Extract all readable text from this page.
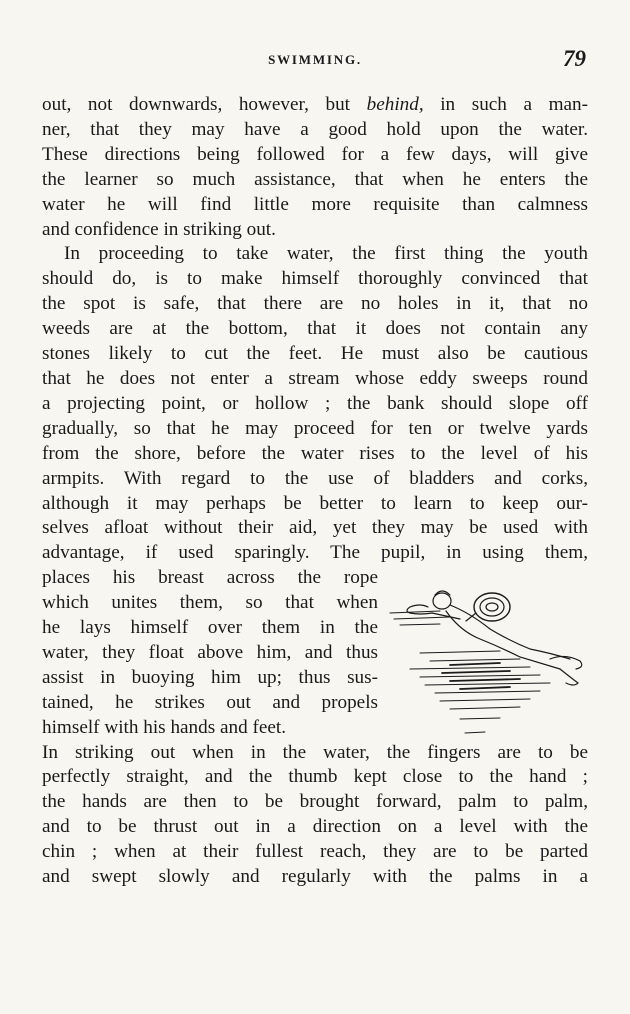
SWIMMING.	79
out, not downwards, however, but behind, in such a man-
ner, that they may have a good hold upon the water.
These directions being followed for a few days, will give
the learner so much assistance, that when he enters the
water he will find little more requisite than calmness
and confidence in striking out.
In proceeding to take water, the first thing the youth
should do, is to make himself thoroughly convinced that
the spot is safe, that there are no holes in it, that no
weeds are at the bottom, that it does not contain any
stones likely to cut the feet. He must also be cautious
that he does not enter a stream whose eddy sweeps round
a projecting point, or hollow ; the bank should slope off
gradually, so that he may proceed for ten or twelve yards
from the shore, before the water rises to the level of his
armpits. With regard to the use of bladders and corks,
although it may perhaps be better to learn to keep our-
selves afloat without their aid, yet they may be used with
advantage, if used sparingly. The pupil, in using them,
places his breast across the rope
which unites them, so that when
he lays himself over them in the
water, they float above him, and thus
assist in buoying him up; thus sus-
tained, he strikes out and propels
himself with his hands and feet.
In striking out when in the water, the fingers are to be
perfectly straight, and the thumb kept close to the hand ;
the hands are then to be brought forward, palm to palm,
and to be thrust out in a direction on a level with the
chin ; when at their fullest reach, they are to be parted
and swept slowly and regularly with the palms in a
